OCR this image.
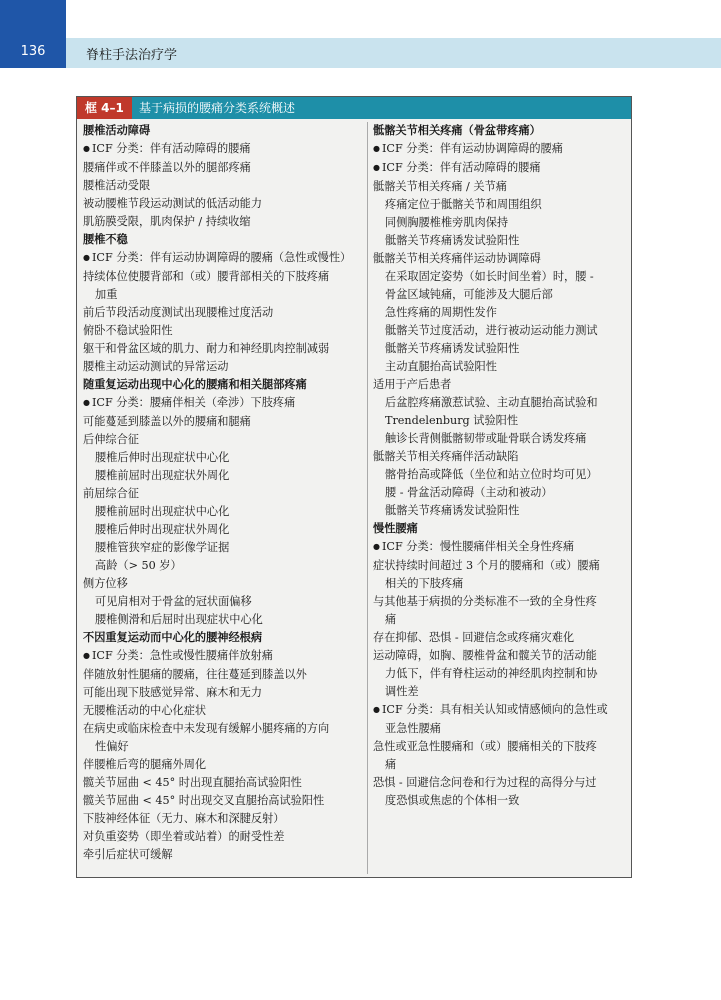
136	脊柱手法治疗学
框 4–1	基于病损的腰痛分类系统概述
腰椎活动障碍
● ICF 分类：伴有活动障碍的腰痛
腰痛伴或不伴膝盖以外的腿部疼痛
腰椎活动受限
被动腰椎节段运动测试的低活动能力
肌筋膜受限，肌肉保护 / 持续收缩
腰椎不稳
● ICF 分类：伴有运动协调障碍的腰痛（急性或慢性）
持续体位使腰背部和（或）腰背部相关的下肢疼痛
加重
前后节段活动度测试出现腰椎过度活动
俯卧不稳试验阳性
躯干和骨盆区域的肌力、耐力和神经肌肉控制减弱
腰椎主动运动测试的异常运动
随重复运动出现中心化的腰痛和相关腿部疼痛
● ICF 分类：腰痛伴相关（牵涉）下肢疼痛
可能蔓延到膝盖以外的腰痛和腿痛
后伸综合征
腰椎后伸时出现症状中心化
腰椎前屈时出现症状外周化
前屈综合征
腰椎前屈时出现症状中心化
腰椎后伸时出现症状外周化
腰椎管狭窄症的影像学证据
高龄（> 50 岁）
侧方位移
可见肩相对于骨盆的冠状面偏移
腰椎侧滑和后屈时出现症状中心化
不因重复运动而中心化的腰神经根病
● ICF 分类：急性或慢性腰痛伴放射痛
伴随放射性腿痛的腰痛，往往蔓延到膝盖以外
可能出现下肢感觉异常、麻木和无力
无腰椎活动的中心化症状
在病史或临床检查中未发现有缓解小腿疼痛的方向
性偏好
伴腰椎后弯的腿痛外周化
髋关节屈曲 < 45° 时出现直腿抬高试验阳性
髋关节屈曲 < 45° 时出现交叉直腿抬高试验阳性
下肢神经体征（无力、麻木和深腱反射）
对负重姿势（即坐着或站着）的耐受性差
牵引后症状可缓解
骶髂关节相关疼痛（骨盆带疼痛）
● ICF 分类：伴有运动协调障碍的腰痛
● ICF 分类：伴有活动障碍的腰痛
骶髂关节相关疼痛 / 关节痛
疼痛定位于骶髂关节和周围组织
同侧胸腰椎椎旁肌肉保持
骶髂关节疼痛诱发试验阳性
骶髂关节相关疼痛伴运动协调障碍
在采取固定姿势（如长时间坐着）时，腰 -
骨盆区域钝痛，可能涉及大腿后部
急性疼痛的周期性发作
骶髂关节过度活动，进行被动运动能力测试
骶髂关节疼痛诱发试验阳性
主动直腿抬高试验阳性
适用于产后患者
后盆腔疼痛激惹试验、主动直腿抬高试验和
Trendelenburg 试验阳性
触诊长背侧骶髂韧带或耻骨联合诱发疼痛
骶髂关节相关疼痛伴活动缺陷
髂骨抬高或降低（坐位和站立位时均可见）
腰 - 骨盆活动障碍（主动和被动）
骶髂关节疼痛诱发试验阳性
慢性腰痛
● ICF 分类：慢性腰痛伴相关全身性疼痛
症状持续时间超过 3 个月的腰痛和（或）腰痛
相关的下肢疼痛
与其他基于病损的分类标准不一致的全身性疼
痛
存在抑郁、恐惧 - 回避信念或疼痛灾难化
运动障碍，如胸、腰椎骨盆和髋关节的活动能
力低下，伴有脊柱运动的神经肌肉控制和协
调性差
● ICF 分类：具有相关认知或情感倾向的急性或
亚急性腰痛
急性或亚急性腰痛和（或）腰痛相关的下肢疼
痛
恐惧 - 回避信念问卷和行为过程的高得分与过
度恐惧或焦虑的个体相一致
